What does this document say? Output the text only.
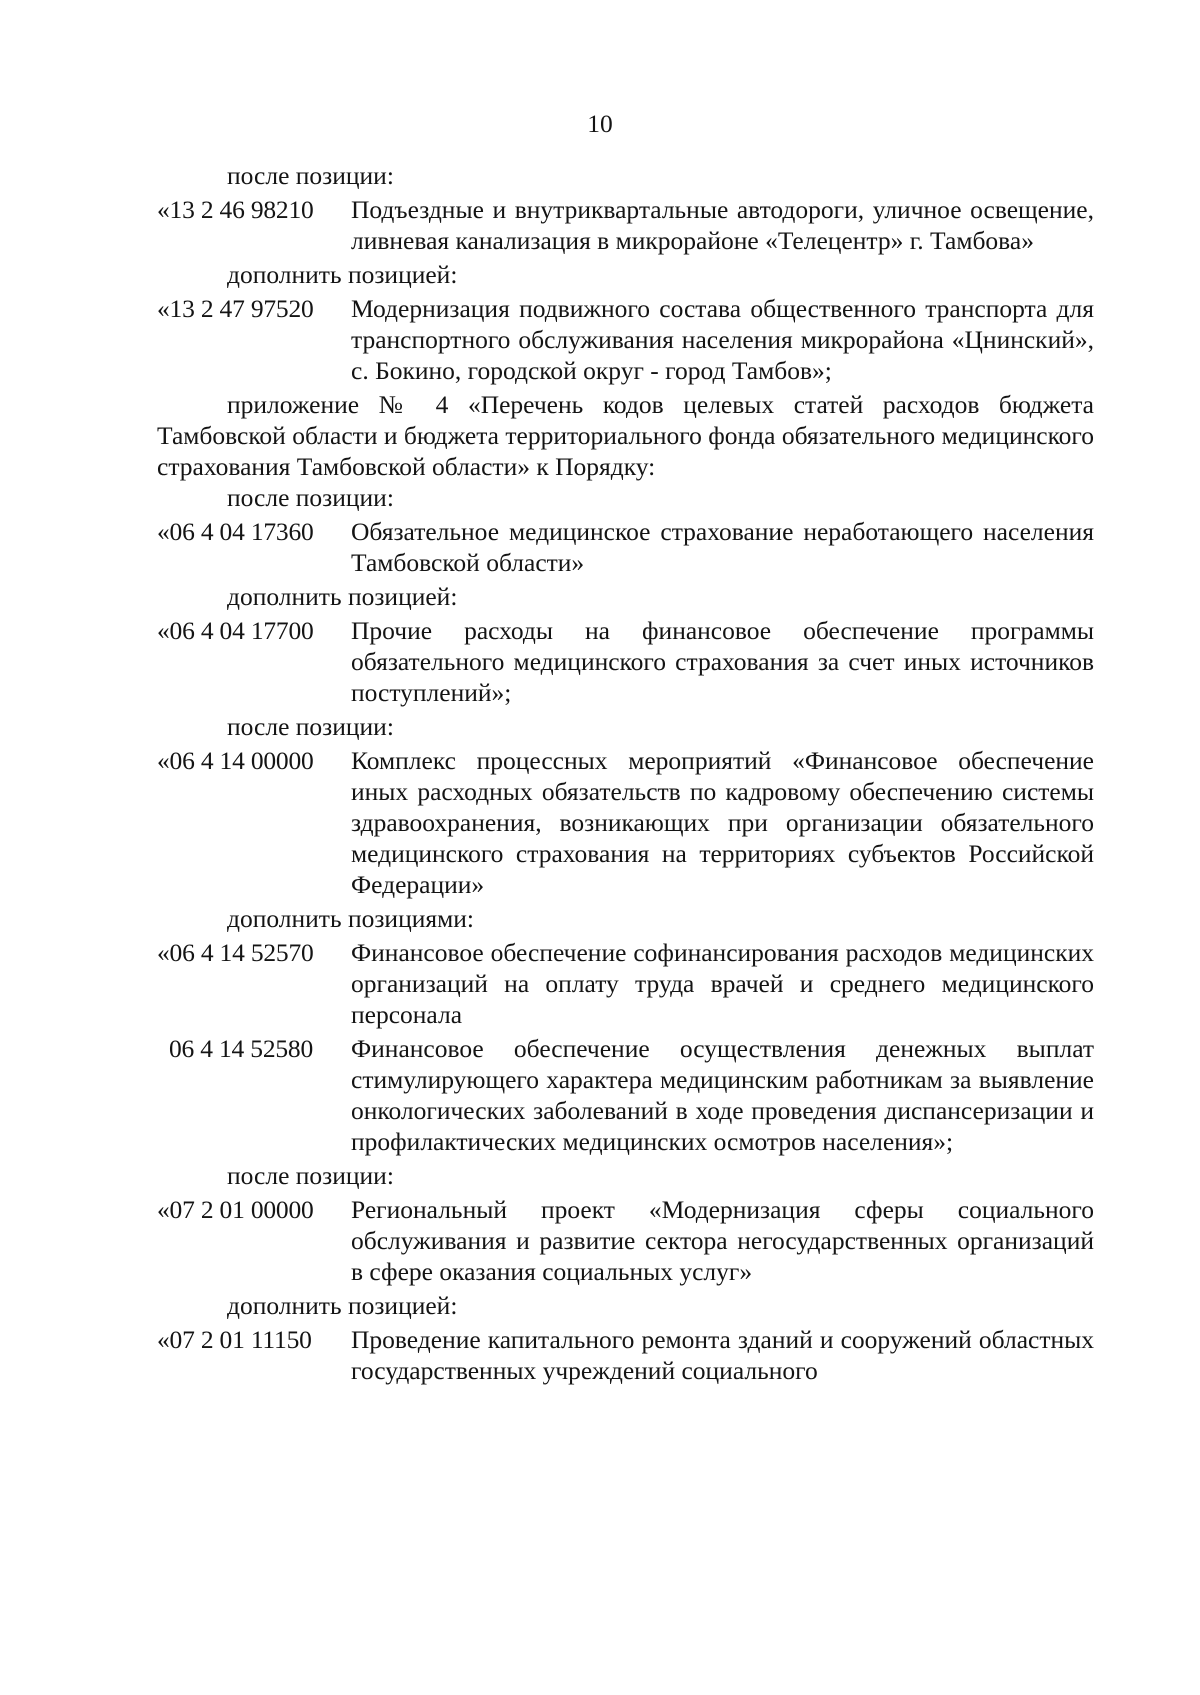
10
после позиции:
«13 2 46 98210	Подъездные и внутриквартальные автодороги, уличное освещение, ливневая канализация в микрорайоне «Телецентр» г. Тамбова»
дополнить позицией:
«13 2 47 97520	Модернизация подвижного состава общественного транспорта для транспортного обслуживания населения микрорайона «Цнинский», с. Бокино, городской округ - город Тамбов»;
приложение № 4 «Перечень кодов целевых статей расходов бюджета Тамбовской области и бюджета территориального фонда обязательного медицинского страхования Тамбовской области» к Порядку:
после позиции:
«06 4 04 17360	Обязательное медицинское страхование неработающего населения Тамбовской области»
дополнить позицией:
«06 4 04 17700	Прочие расходы на финансовое обеспечение программы обязательного медицинского страхования за счет иных источников поступлений»;
после позиции:
«06 4 14 00000	Комплекс процессных мероприятий «Финансовое обеспечение иных расходных обязательств по кадровому обеспечению системы здравоохранения, возникающих при организации обязательного медицинского страхования на территориях субъектов Российской Федерации»
дополнить позициями:
«06 4 14 52570	Финансовое обеспечение софинансирования расходов медицинских организаций на оплату труда врачей и среднего медицинского персонала
06 4 14 52580	Финансовое обеспечение осуществления денежных выплат стимулирующего характера медицинским работникам за выявление онкологических заболеваний в ходе проведения диспансеризации и профилактических медицинских осмотров населения»;
после позиции:
«07 2 01 00000	Региональный проект «Модернизация сферы социального обслуживания и развитие сектора негосударственных организаций в сфере оказания социальных услуг»
дополнить позицией:
«07 2 01 11150	Проведение капитального ремонта зданий и сооружений областных государственных учреждений социального
